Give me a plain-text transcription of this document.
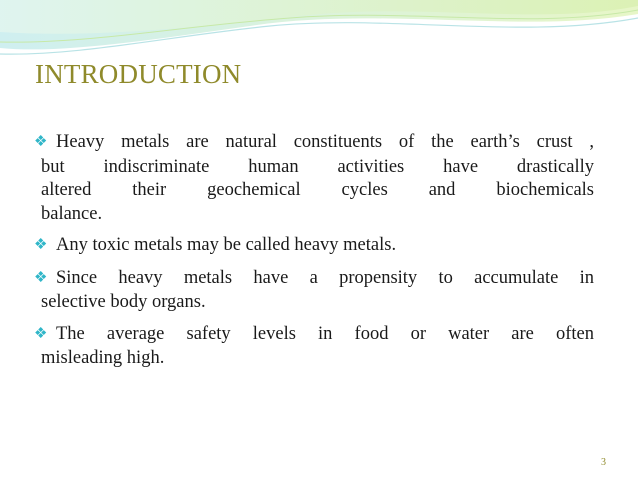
INTRODUCTION
❖ Heavy metals are natural constituents of the earth’s crust ,
but indiscriminate human activities have drastically
altered their geochemical cycles and biochemicals
balance.
❖ Any toxic metals may be called heavy metals.
❖ Since heavy metals have a propensity to accumulate in
selective body organs.
❖ The average safety levels in food or water are often
misleading high.
3
